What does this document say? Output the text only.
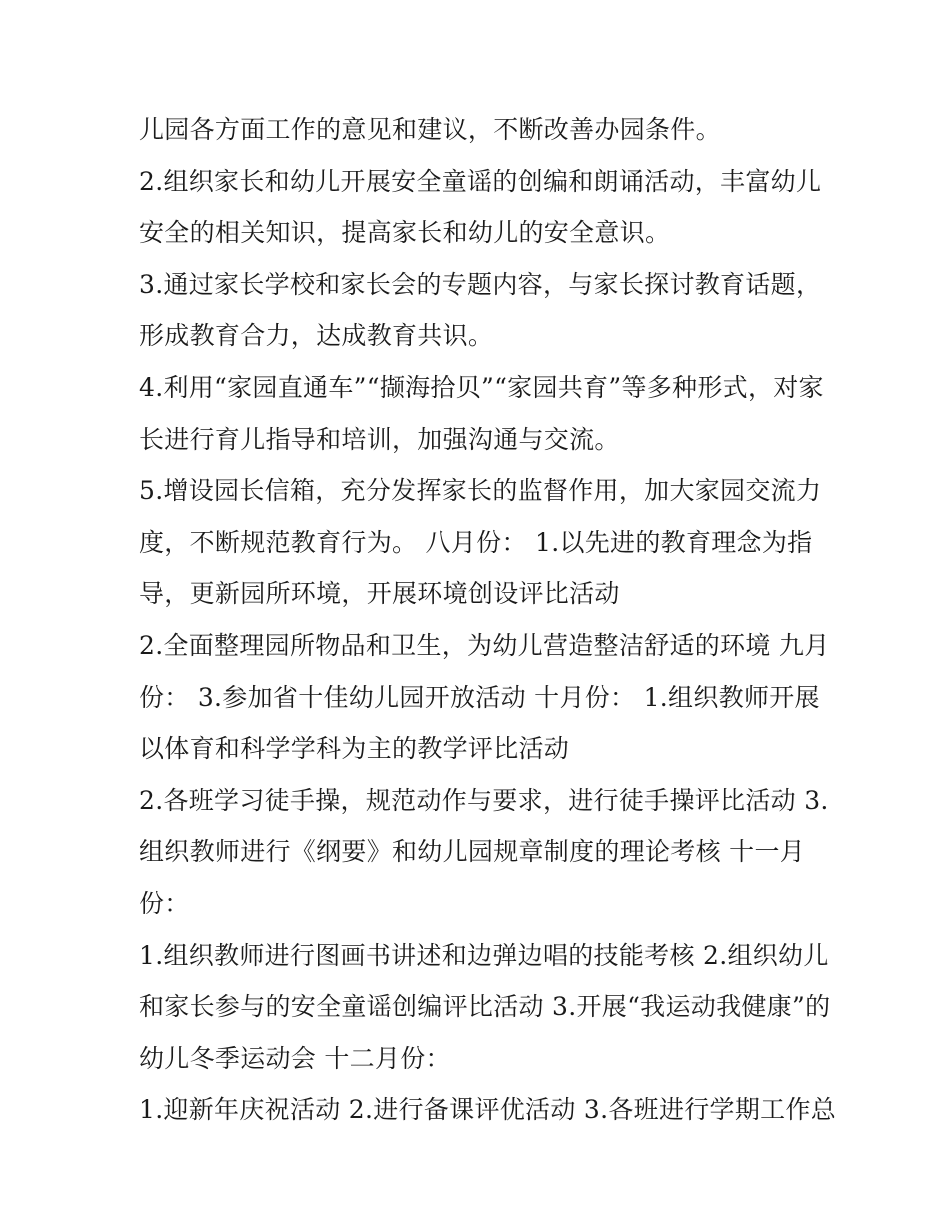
儿园各方面工作的意见和建议，不断改善办园条件。
2.组织家长和幼儿开展安全童谣的创编和朗诵活动，丰富幼儿
安全的相关知识，提高家长和幼儿的安全意识。
3.通过家长学校和家长会的专题内容，与家长探讨教育话题，
形成教育合力，达成教育共识。
4.利用“家园直通车”“撷海拾贝”“家园共育”等多种形式，对家
长进行育儿指导和培训，加强沟通与交流。
5.增设园长信箱，充分发挥家长的监督作用，加大家园交流力
度，不断规范教育行为。 八月份： 1.以先进的教育理念为指
导，更新园所环境，开展环境创设评比活动
2.全面整理园所物品和卫生，为幼儿营造整洁舒适的环境 九月
份： 3.参加省十佳幼儿园开放活动 十月份： 1.组织教师开展
以体育和科学学科为主的教学评比活动
2.各班学习徒手操，规范动作与要求，进行徒手操评比活动 3.
组织教师进行《纲要》和幼儿园规章制度的理论考核 十一月
份：
1.组织教师进行图画书讲述和边弹边唱的技能考核 2.组织幼儿
和家长参与的安全童谣创编评比活动 3.开展“我运动我健康”的
幼儿冬季运动会 十二月份：
1.迎新年庆祝活动 2.进行备课评优活动 3.各班进行学期工作总
